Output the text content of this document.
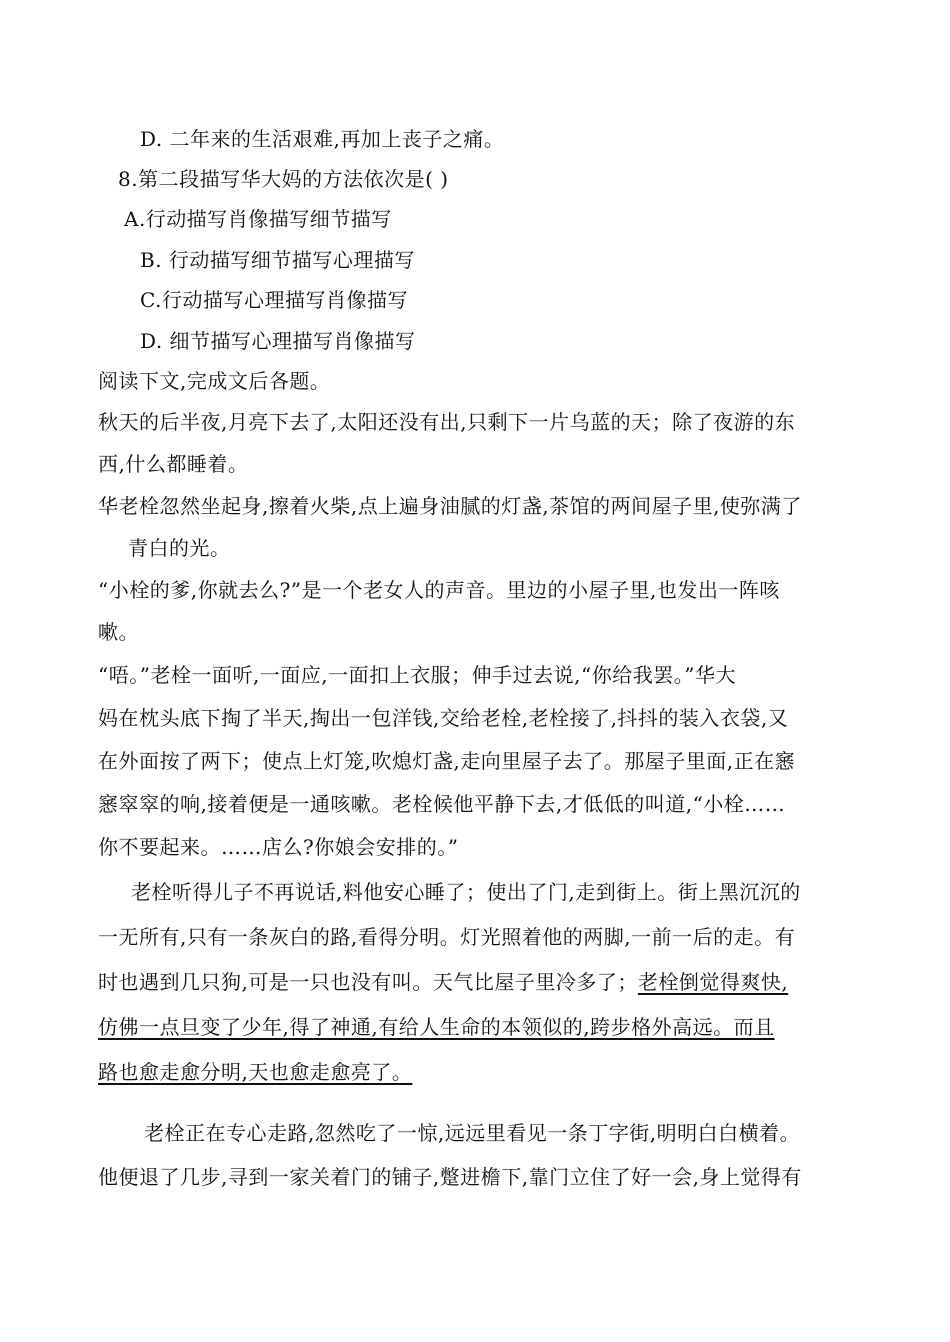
D. 二年来的生活艰难,再加上丧子之痛。
8.第二段描写华大妈的方法依次是( )
A.行动描写肖像描写细节描写
B. 行动描写细节描写心理描写
C.行动描写心理描写肖像描写
D. 细节描写心理描写肖像描写
阅读下文,完成文后各题。
秋天的后半夜,月亮下去了,太阳还没有出,只剩下一片乌蓝的天；除了夜游的东
西,什么都睡着。
华老栓忽然坐起身,擦着火柴,点上遍身油腻的灯盏,茶馆的两间屋子里,使弥满了
青白的光。
“小栓的爹,你就去么?”是一个老女人的声音。里边的小屋子里,也发出一阵咳
嗽。
“唔。”老栓一面听,一面应,一面扣上衣服；伸手过去说,“你给我罢。”华大
妈在枕头底下掏了半天,掏出一包洋钱,交给老栓,老栓接了,抖抖的装入衣袋,又
在外面按了两下；使点上灯笼,吹熄灯盏,走向里屋子去了。那屋子里面,正在窸
窸窣窣的响,接着便是一通咳嗽。老栓候他平静下去,才低低的叫道,“小栓……
你不要起来。……店么?你娘会安排的。”
老栓听得儿子不再说话,料他安心睡了；使出了门,走到街上。街上黑沉沉的
一无所有,只有一条灰白的路,看得分明。灯光照着他的两脚,一前一后的走。有
时也遇到几只狗,可是一只也没有叫。天气比屋子里冷多了；老栓倒觉得爽快,
仿佛一点旦变了少年,得了神通,有给人生命的本领似的,跨步格外高远。而且
路也愈走愈分明,天也愈走愈亮了。
老栓正在专心走路,忽然吃了一惊,远远里看见一条丁字街,明明白白横着。
他便退了几步,寻到一家关着门的铺子,蹩进檐下,靠门立住了好一会,身上觉得有
